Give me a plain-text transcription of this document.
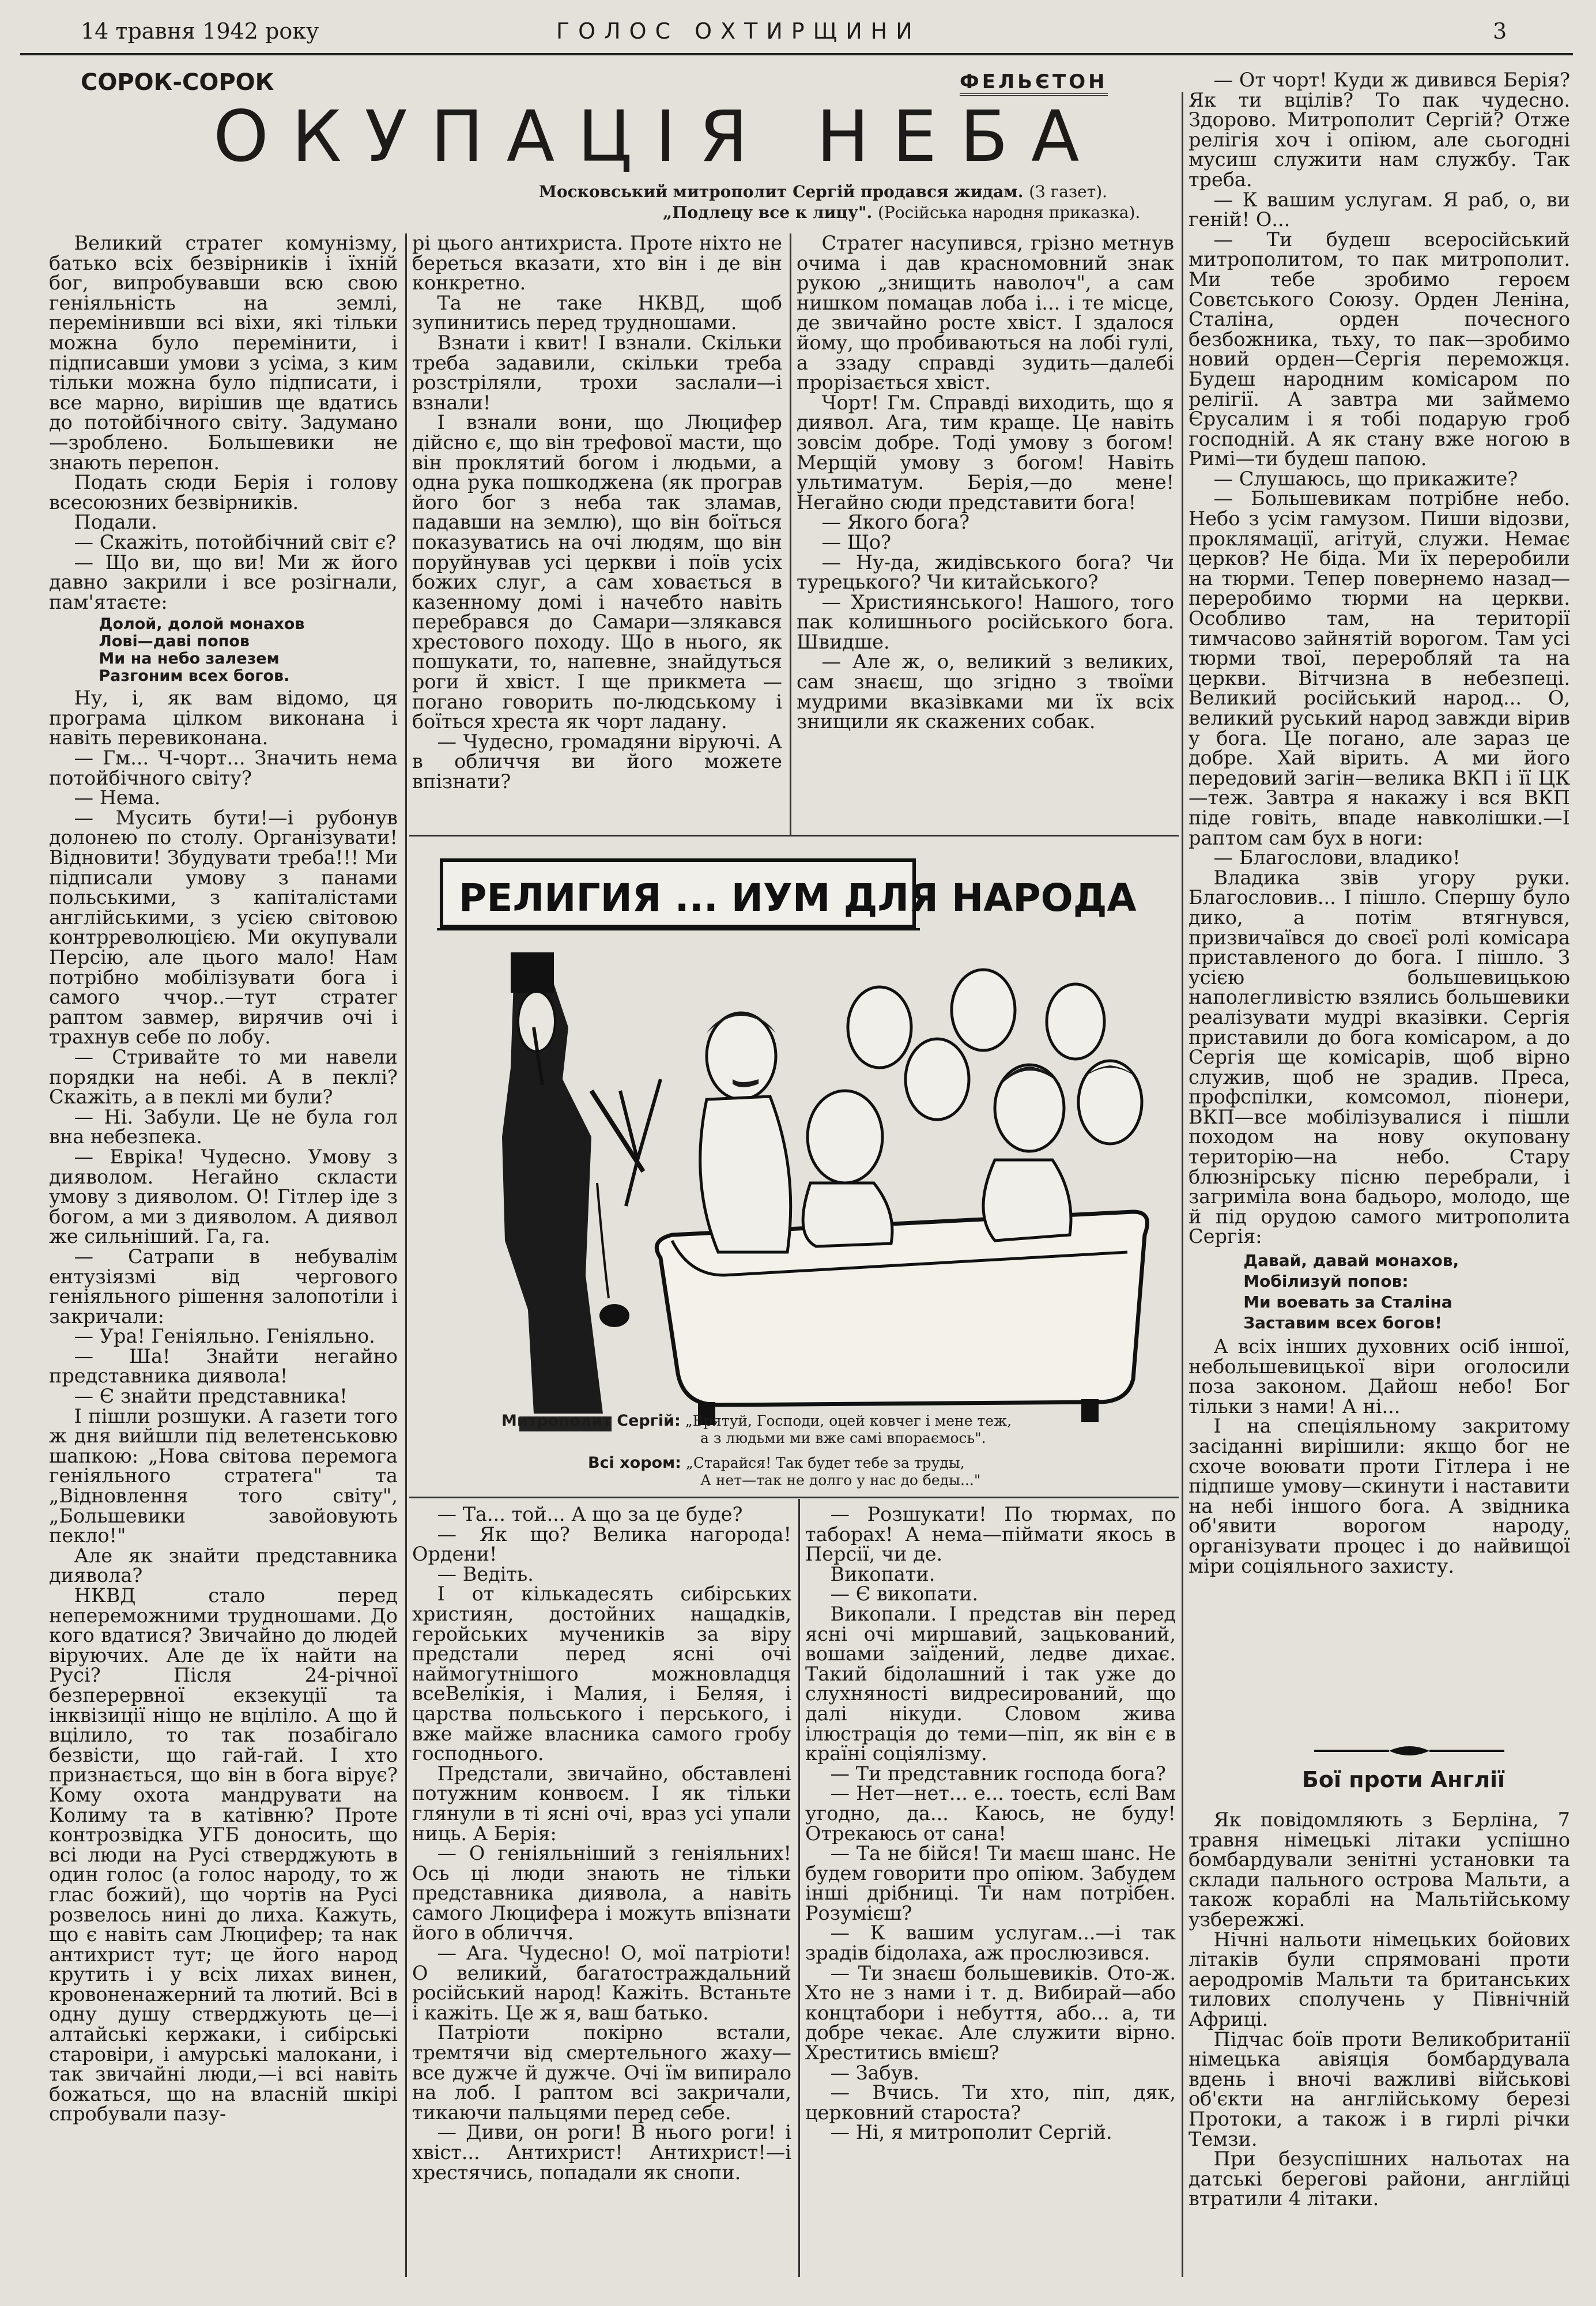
14 травня 1942 року	ГОЛОС ОХТИРЩИНИ	3
СОРОК-СОРОК	ФЕЛЬЄТОН
ОКУПАЦІЯ НЕБА
Московський митрополит Сергій продався жидам. (З газет).
„Подлецу все к лицу". (Російська народня приказка).

Великий стратег комунізму, батько всіх безвірників і їхній бог, випробувавши всю свою геніяльність на землі, перемінивши всі віхи, які тільки можна було перемінити, і підписавши умови з усіма, з ким тільки можна було підписати, і все марно, вирішив ще вдатись до потойбічного світу. Задумано—зроблено. Большевики не знають перепон.

Подать сюди Берія і голову всесоюзних безвірників.

Подали.

— Скажіть, потойбічний світ є?

— Що ви, що ви! Ми ж його давно закрили і все розігнали, пам'ятаєте:

Долой, долой монахов
Лові—даві попов
Ми на небо залезем
Разгоним всех богов.

Ну, і, як вам відомо, ця програма цілком виконана і навіть перевиконана.

— Гм... Ч-чорт... Значить нема потойбічного світу?

— Нема.

— Мусить бути!—і рубонув долонею по столу. Організувати! Відновити! Збудувати треба!!! Ми підписали умову з панами польськими, з капіталістами англійськими, з усією світовою контрреволюцією. Ми окупували Персію, але цього мало! Нам потрібно мобілізувати бога і самого ччор..—тут стратег раптом завмер, вирячив очі і трахнув себе по лобу.

— Стривайте то ми навели порядки на небі. А в пеклі? Скажіть, а в пеклі ми були?

— Ні. Забули. Це не була гол вна небезпека.

— Евріка! Чудесно. Умову з дияволом. Негайно скласти умову з дияволом. О! Гітлер іде з богом, а ми з дияволом. А диявол же сильніший. Га, га.

— Сатрапи в небувалім ентузіязмі від чергового геніяльного рішення залопотіли і закричали:

— Ура! Геніяльно. Геніяльно.

— Ша! Знайти негайно представника диявола!

— Є знайти представника!

І пішли розшуки. А газети того ж дня вийшли під велетенськовю шапкою: „Нова світова перемога геніяльного стратега" та „Відновлення того світу", „Большевики завойовують пекло!"

Але як знайти представника диявола?

НКВД стало перед непереможними трудношами. До кого вдатися? Звичайно до людей віруючих. Але де їх найти на Русі? Після 24-річної безперервної екзекуції та інквізиції ніщо не вціліло. А що й вцілило, то так позабігало безвісти, що гай-гай. І хто признається, що він в бога вірує? Кому охота мандрувати на Колиму та в катівню? Проте контрозвідка УГБ доносить, що всі люди на Русі стверджують в один голос (а голос народу, то ж глас божий), що чортів на Русі розвелось нині до лиха. Кажуть, що є навіть сам Люцифер; та нак антихрист тут; це його народ крутить і у всіх лихах винен, кровоненажерний та лютий. Всі в одну душу стверджують це—і алтайські кержаки, і сибірські старовіри, і амурські малокани, і так звичайні люди,—і всі навіть божаться, що на власній шкірі спробували пазу-

рі цього антихриста. Проте ніхто не береться вказати, хто він і де він конкретно.

Та не таке НКВД, щоб зупинитись перед трудношами.

Взнати і квит! І взнали. Скільки треба задавили, скільки треба розстріляли, трохи заслали—і взнали!

І взнали вони, що Люцифер дійсно є, що він трефової масти, що він проклятий богом і людьми, а одна рука пошкоджена (як програв його бог з неба так зламав, падавши на землю), що він боїться показуватись на очі людям, що він поруйнував усі церкви і поїв усіх божих слуг, а сам ховається в казенному домі і начебто навіть перебрався до Самари—злякався хрестового походу. Що в нього, як пошукати, то, напевне, знайдуться роги й хвіст. І ще прикмета — погано говорить по-людському і боїться хреста як чорт ладану.

— Чудесно, громадяни віруючі. А в обличчя ви його можете впізнати?

Стратег насупився, грізно метнув очима і дав красномовний знак рукою „знищить наволоч", а сам нишком помацав лоба і... і те місце, де звичайно росте хвіст. І здалося йому, що пробиваються на лобі гулі, а ззаду справді зудить—далебі прорізається хвіст.

Чорт! Гм. Справді виходить, що я диявол. Ага, тим краще. Це навіть зовсім добре. Тоді умову з богом! Мерщій умову з богом! Навіть ультиматум. Берія,—до мене! Негайно сюди представити бога!

— Якого бога?

— Що?

— Ну-да, жидівського бога? Чи турецького? Чи китайського?

— Християнського! Нашого, того пак колишнього російського бога. Швидше.

— Але ж, о, великий з великих, сам знаєш, що згідно з твоїми мудрими вказівками ми їх всіх знищили як скажених собак.

РЕЛИГИЯ ... ИУМ ДЛЯ НАРОДА
Митрополит Сергій: „Врятуй, Господи, оцей ковчег і мене теж,
а з людьми ми вже самі впораємось".
Всі хором: „Старайся! Так будет тебе за труды,
А нет—так не долго у нас до беды..."

— Та... той... А що за це буде?

— Як що? Велика нагорода! Ордени!

— Ведіть.

І от кількадесять сибірських християн, достойних нащадків, геройських мучеників за віру предстали перед ясні очі наймогутнішого можновладця всеВелікія, і Малия, і Беляя, і царства польського і перського, і вже майже власника самого гробу господнього.

Предстали, звичайно, обставлені потужним конвоєм. І як тільки глянули в ті ясні очі, враз усі упали ниць. А Берія:

— О геніяльніший з геніяльних! Ось ці люди знають не тільки представника диявола, а навіть самого Люцифера і можуть впізнати його в обличчя.

— Ага. Чудесно! О, мої патріоти! О великий, багатостраждальний російський народ! Кажіть. Встаньте і кажіть. Це ж я, ваш батько.

Патріоти покірно встали, тремтячи від смертельного жаху—все дужче й дужче. Очі їм випирало на лоб. І раптом всі закричали, тикаючи пальцями перед себе.

— Диви, он роги! В нього роги! і хвіст... Антихрист! Антихрист!—і хрестячись, попадали як снопи.

— Розшукати! По тюрмах, по таборах! А нема—піймати якось в Персії, чи де.

Викопати.

— Є викопати.

Викопали. І представ він перед ясні очі миршавий, зацькований, вошами заїдений, ледве дихає. Такий бідолашний і так уже до слухняності видресирований, що далі нікуди. Словом жива ілюстрація до теми—піп, як він є в країні соціялізму.

— Ти представник господа бога?

— Нет—нет... е... тоесть, єслі Вам угодно, да... Каюсь, не буду! Отрекаюсь от сана!

— Та не бійся! Ти маєш шанс. Не будем говорити про опіюм. Забудем інші дрібниці. Ти нам потрібен. Розумієш?

— К вашим услугам...—і так зрадів бідолаха, аж прослюзився.

— Ти знаєш большевиків. Ото-ж. Хто не з нами і т. д. Вибирай—або концтабори і небуття, або... а, ти добре чекає. Але служити вірно. Хреститись вмієш?

— Забув.

— Вчись. Ти хто, піп, дяк, церковний староста?

— Ні, я митрополит Сергій.

— От чорт! Куди ж дивився Берія? Як ти вцілів? То пак чудесно. Здорово. Митрополит Сергій? Отже релігія хоч і опіюм, але сьогодні мусиш служити нам службу. Так треба.

— К вашим услугам. Я раб, о, ви геній! О...

— Ти будеш всеросійський митрополитом, то пак митрополит. Ми тебе зробимо героєм Совєтського Союзу. Орден Леніна, Сталіна, орден почесного безбожника, тьху, то пак—зробимо новий орден—Сергія переможця. Будеш народним комісаром по релігії. А завтра ми займемо Єрусалим і я тобі подарую гроб господній. А як стану вже ногою в Римі—ти будеш папою.

— Слушаюсь, що прикажите?

— Большевикам потрібне небо. Небо з усім гамузом. Пиши відозви, проклямації, агітуй, служи. Немає церков? Не біда. Ми їх переробили на тюрми. Тепер повернемо назад—переробимо тюрми на церкви. Особливо там, на території тимчасово зайнятій ворогом. Там усі тюрми твої, переробляй та на церкви. Вітчизна в небезпеці. Великий російський народ... О, великий руський народ завжди вірив у бога. Це погано, але зараз це добре. Хай вірить. А ми його передовий загін—велика ВКП і її ЦК—теж. Завтра я накажу і вся ВКП піде говіть, впаде навколішки.—І раптом сам бух в ноги:

— Благослови, владико!

Владика звів угору руки. Благословив... І пішло. Спершу було дико, а потім втягнувся, призвичаївся до своєї ролі комісара приставленого до бога. І пішло. З усією большевицькою наполегливістю взялись большевики реалізувати мудрі вказівки. Сергія приставили до бога комісаром, а до Сергія ще комісарів, щоб вірно служив, щоб не зрадив. Преса, профспілки, комсомол, піонери, ВКП—все мобілізувалися і пішли походом на нову окуповану територію—на небо. Стару блюзнірську пісню перебрали, і загриміла вона бадьоро, молодо, ще й під орудою самого митрополита Сергія:

Давай, давай монахов,
Мобілизуй попов:
Ми воевать за Сталіна
Заставим всех богов!

А всіх інших духовних осіб іншої, небольшевицької віри оголосили поза законом. Дайош небо! Бог тільки з нами! А ні...

І на спеціяльному закритому засіданні вирішили: якщо бог не схоче воювати проти Гітлера і не підпише умову—скинути і наставити на небі іншого бога. А звідника об'явити ворогом народу, організувати процес і до найвищої міри соціяльного захисту.

Бої проти Англії

Як повідомляють з Берліна, 7 травня німецькі літаки успішно бомбардували зенітні установки та склади пального острова Мальти, а також кораблі на Мальтійському узбережжі.

Нічні нальоти німецьких бойових літаків були спрямовані проти аеродромів Мальти та британських тилових сполучень у Північній Африці.

Підчас боїв проти Великобританії німецька авіяція бомбардувала вдень і вночі важливі військові об'єкти на англійському березі Протоки, а також і в гирлі річки Темзи.

При безуспішних нальотах на датські берегові райони, англійці втратили 4 літаки.
